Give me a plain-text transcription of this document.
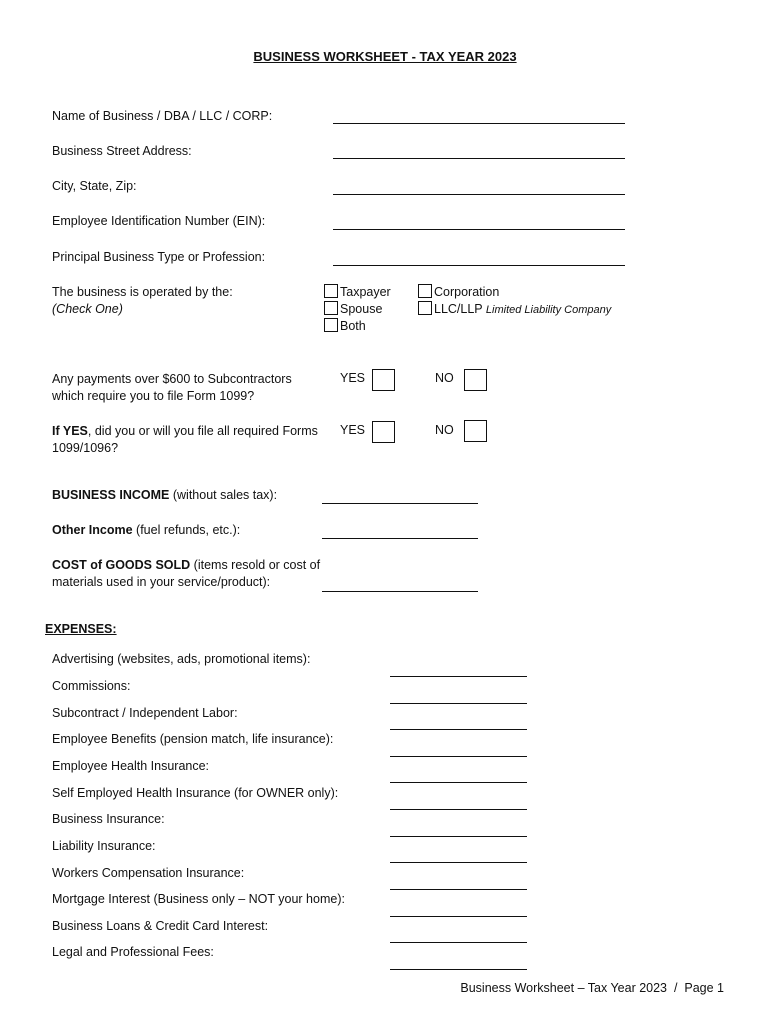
BUSINESS WORKSHEET - TAX YEAR 2023
Name of Business / DBA / LLC / CORP:
Business Street Address:
City, State, Zip:
Employee Identification Number (EIN):
Principal Business Type or Profession:
The business is operated by the:
(Check One)
Taxpayer
Spouse
Both
Corporation
LLC/LLP Limited Liability Company
Any payments over $600 to Subcontractors
which require you to file Form 1099?
YES	NO
If YES, did you or will you file all required Forms
1099/1096?
YES	NO
BUSINESS INCOME (without sales tax):
Other Income (fuel refunds, etc.):
COST of GOODS SOLD (items resold or cost of
materials used in your service/product):
EXPENSES:
Advertising (websites, ads, promotional items):
Commissions:
Subcontract / Independent Labor:
Employee Benefits (pension match, life insurance):
Employee Health Insurance:
Self Employed Health Insurance (for OWNER only):
Business Insurance:
Liability Insurance:
Workers Compensation Insurance:
Mortgage Interest (Business only – NOT your home):
Business Loans & Credit Card Interest:
Legal and Professional Fees:
Business Worksheet – Tax Year 2023  /  Page 1
